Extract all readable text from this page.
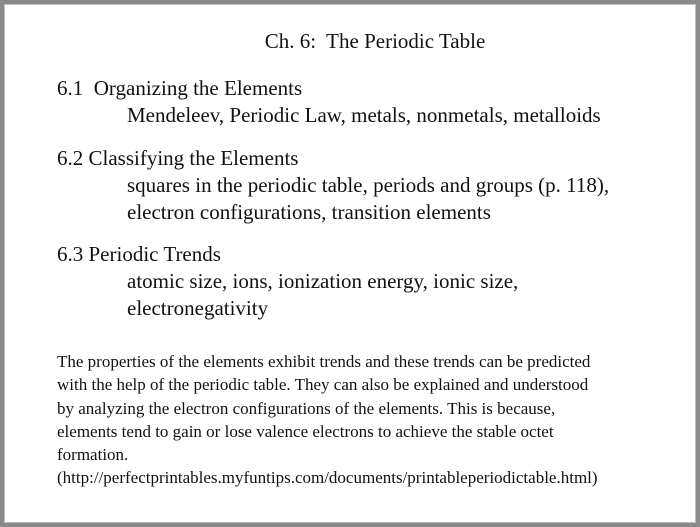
Ch. 6:  The Periodic Table
6.1  Organizing the Elements
Mendeleev, Periodic Law, metals, nonmetals, metalloids
6.2 Classifying the Elements
squares in the periodic table, periods and groups (p. 118),
electron configurations, transition elements
6.3 Periodic Trends
atomic size, ions, ionization energy, ionic size,
electronegativity
The properties of the elements exhibit trends and these trends can be predicted
with the help of the periodic table. They can also be explained and understood
by analyzing the electron configurations of the elements. This is because,
elements tend to gain or lose valence electrons to achieve the stable octet
formation.
(http://perfectprintables.myfuntips.com/documents/printableperiodictable.html)
